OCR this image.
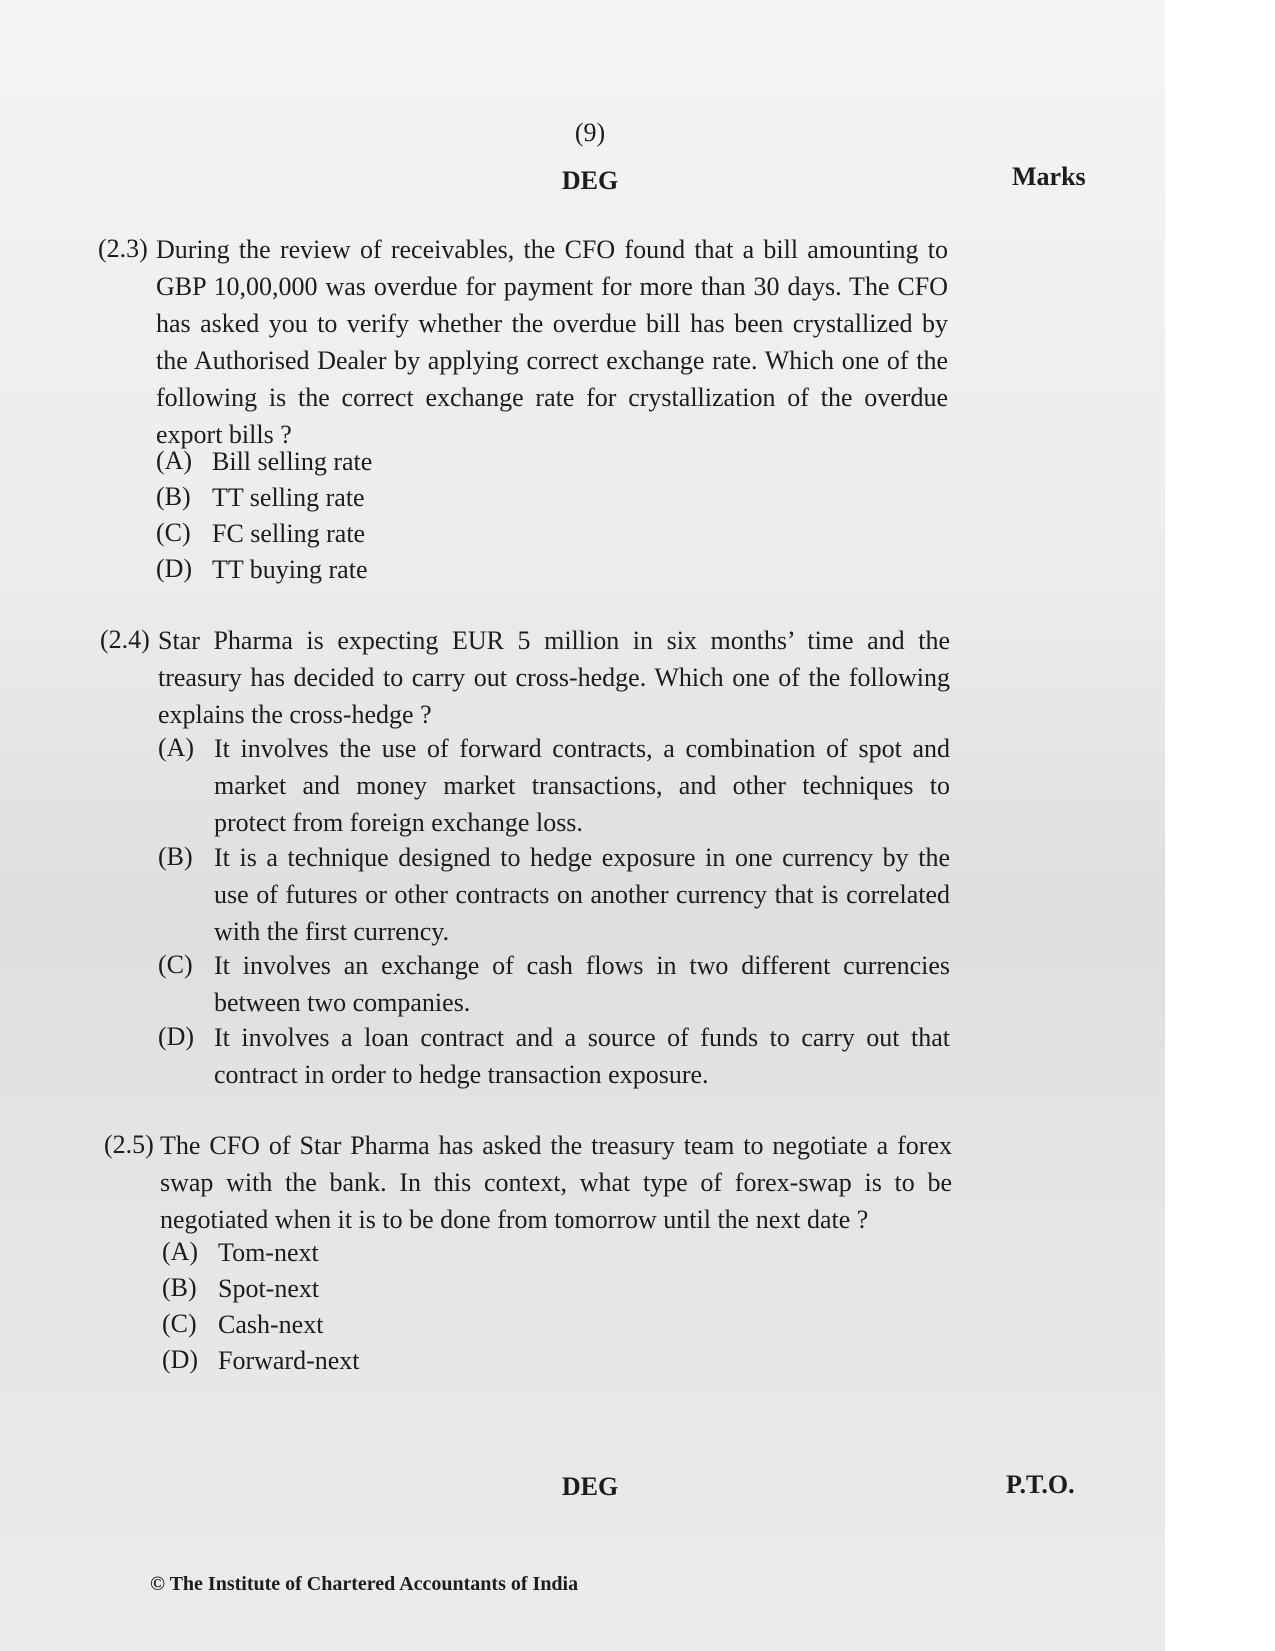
(9)
DEG	Marks
(2.3) During the review of receivables, the CFO found that a bill amounting to GBP 10,00,000 was overdue for payment for more than 30 days. The CFO has asked you to verify whether the overdue bill has been crystallized by the Authorised Dealer by applying correct exchange rate. Which one of the following is the correct exchange rate for crystallization of the overdue export bills ?
(A) Bill selling rate
(B) TT selling rate
(C) FC selling rate
(D) TT buying rate
(2.4) Star Pharma is expecting EUR 5 million in six months’ time and the treasury has decided to carry out cross-hedge. Which one of the following explains the cross-hedge ?
(A) It involves the use of forward contracts, a combination of spot and market and money market transactions, and other techniques to protect from foreign exchange loss.
(B) It is a technique designed to hedge exposure in one currency by the use of futures or other contracts on another currency that is correlated with the first currency.
(C) It involves an exchange of cash flows in two different currencies between two companies.
(D) It involves a loan contract and a source of funds to carry out that contract in order to hedge transaction exposure.
(2.5) The CFO of Star Pharma has asked the treasury team to negotiate a forex swap with the bank. In this context, what type of forex-swap is to be negotiated when it is to be done from tomorrow until the next date ?
(A) Tom-next
(B) Spot-next
(C) Cash-next
(D) Forward-next
DEG	P.T.O.
© The Institute of Chartered Accountants of India
